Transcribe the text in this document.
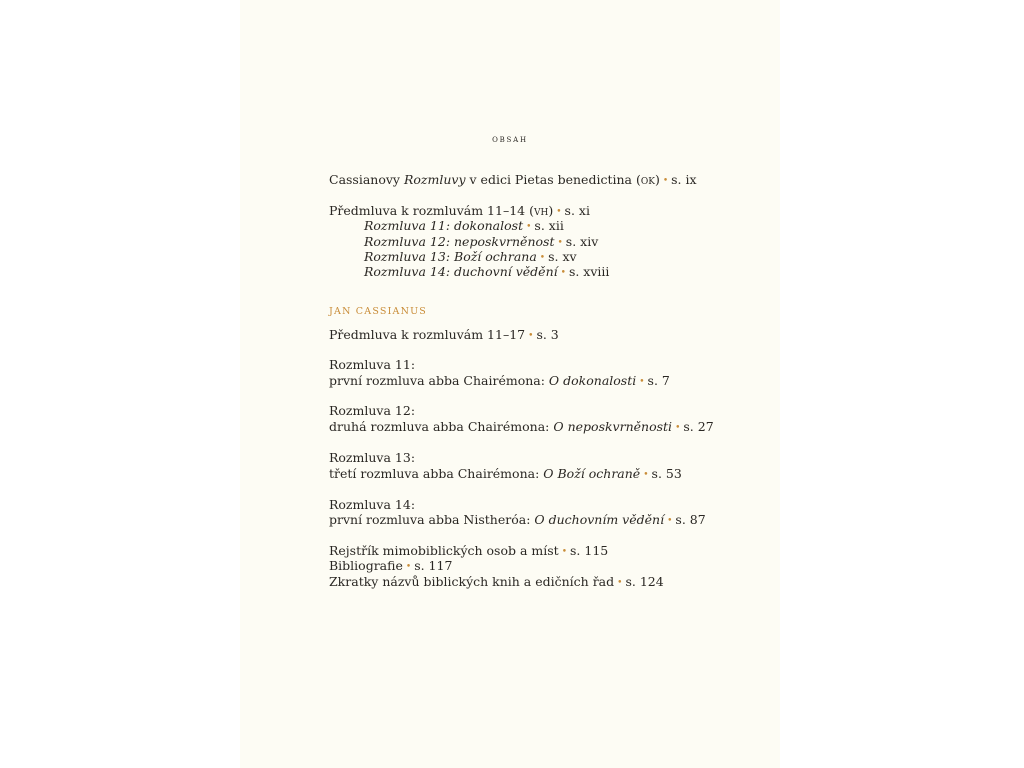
obsah
Cassianovy Rozmluvy v edici Pietas benedictina (ok) • s. ix
Předmluva k rozmluvám 11–14 (vh) • s. xi
Rozmluva 11: dokonalost • s. xii
Rozmluva 12: neposkvrněnost • s. xiv
Rozmluva 13: Boží ochrana • s. xv
Rozmluva 14: duchovní vědění • s. xviii
JAN CASSIANUS
Předmluva k rozmluvám 11–17 • s. 3
Rozmluva 11:
první rozmluva abba Chairémona: O dokonalosti • s. 7
Rozmluva 12:
druhá rozmluva abba Chairémona: O neposkvrněnosti • s. 27
Rozmluva 13:
třetí rozmluva abba Chairémona: O Boží ochraně • s. 53
Rozmluva 14:
první rozmluva abba Nistheróa: O duchovním vědění • s. 87
Rejstřík mimobiblických osob a míst • s. 115
Bibliografie • s. 117
Zkratky názvů biblických knih a edičních řad • s. 124
